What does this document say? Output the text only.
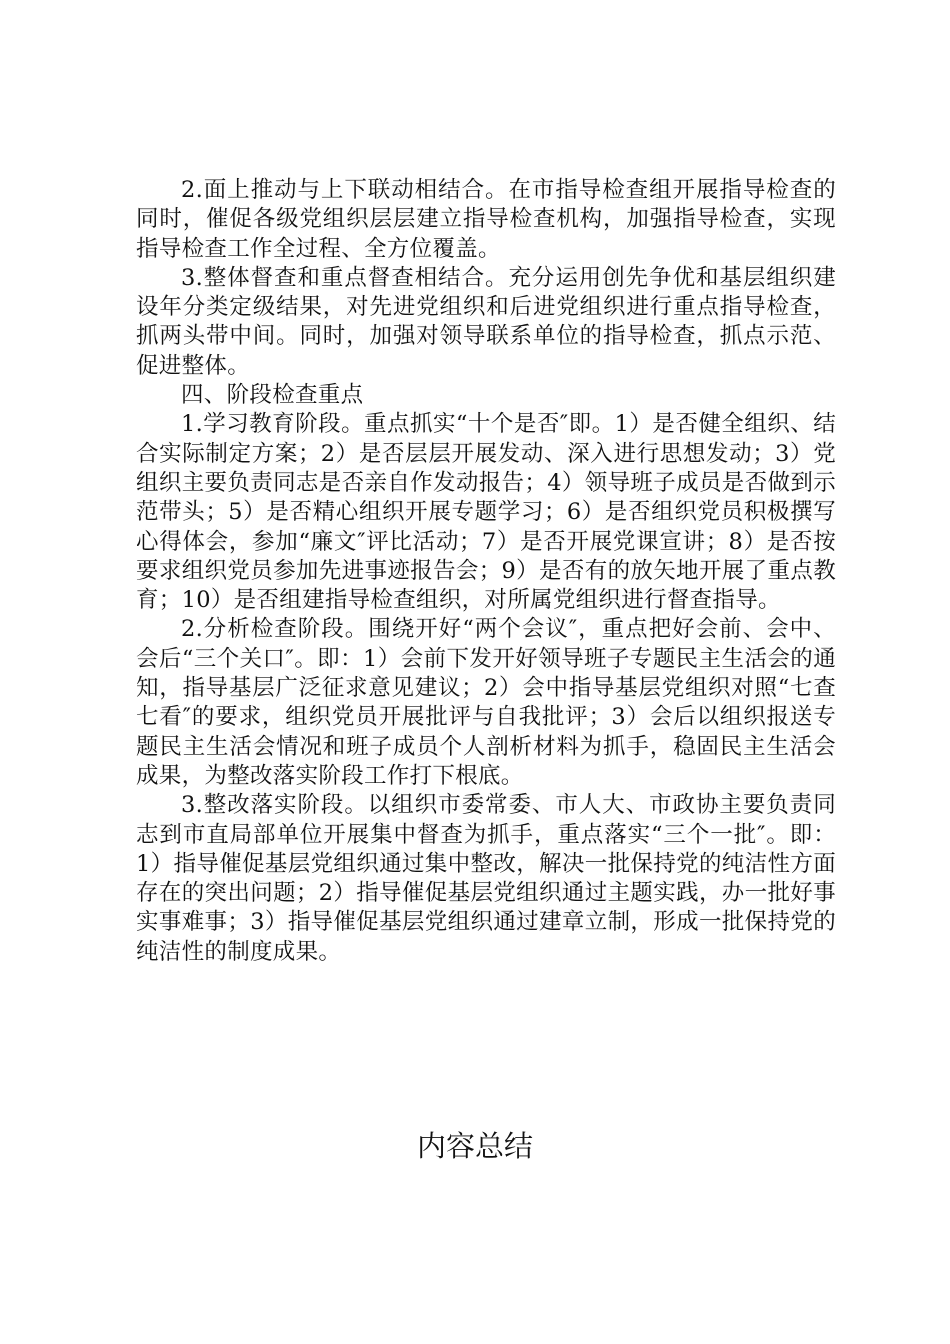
2.面上推动与上下联动相结合。在市指导检查组开展指导检查的同时，催促各级党组织层层建立指导检查机构，加强指导检查，实现指导检查工作全过程、全方位覆盖。

3.整体督查和重点督查相结合。充分运用创先争优和基层组织建设年分类定级结果，对先进党组织和后进党组织进行重点指导检查，抓两头带中间。同时，加强对领导联系单位的指导检查，抓点示范、促进整体。

四、阶段检查重点

1.学习教育阶段。重点抓实“十个是否″即。1）是否健全组织、结合实际制定方案；2）是否层层开展发动、深入进行思想发动；3）党组织主要负责同志是否亲自作发动报告；4）领导班子成员是否做到示范带头；5）是否精心组织开展专题学习；6）是否组织党员积极撰写心得体会，参加“廉文″评比活动；7）是否开展党课宣讲；8）是否按要求组织党员参加先进事迹报告会；9）是否有的放矢地开展了重点教育；10）是否组建指导检查组织，对所属党组织进行督查指导。

2.分析检查阶段。围绕开好“两个会议″，重点把好会前、会中、会后“三个关口″。即：1）会前下发开好领导班子专题民主生活会的通知，指导基层广泛征求意见建议；2）会中指导基层党组织对照“七查七看″的要求，组织党员开展批评与自我批评；3）会后以组织报送专题民主生活会情况和班子成员个人剖析材料为抓手，稳固民主生活会成果，为整改落实阶段工作打下根底。

3.整改落实阶段。以组织市委常委、市人大、市政协主要负责同志到市直局部单位开展集中督查为抓手，重点落实“三个一批″。即：1）指导催促基层党组织通过集中整改，解决一批保持党的纯洁性方面存在的突出问题；2）指导催促基层党组织通过主题实践，办一批好事实事难事；3）指导催促基层党组织通过建章立制，形成一批保持党的纯洁性的制度成果。

内容总结
